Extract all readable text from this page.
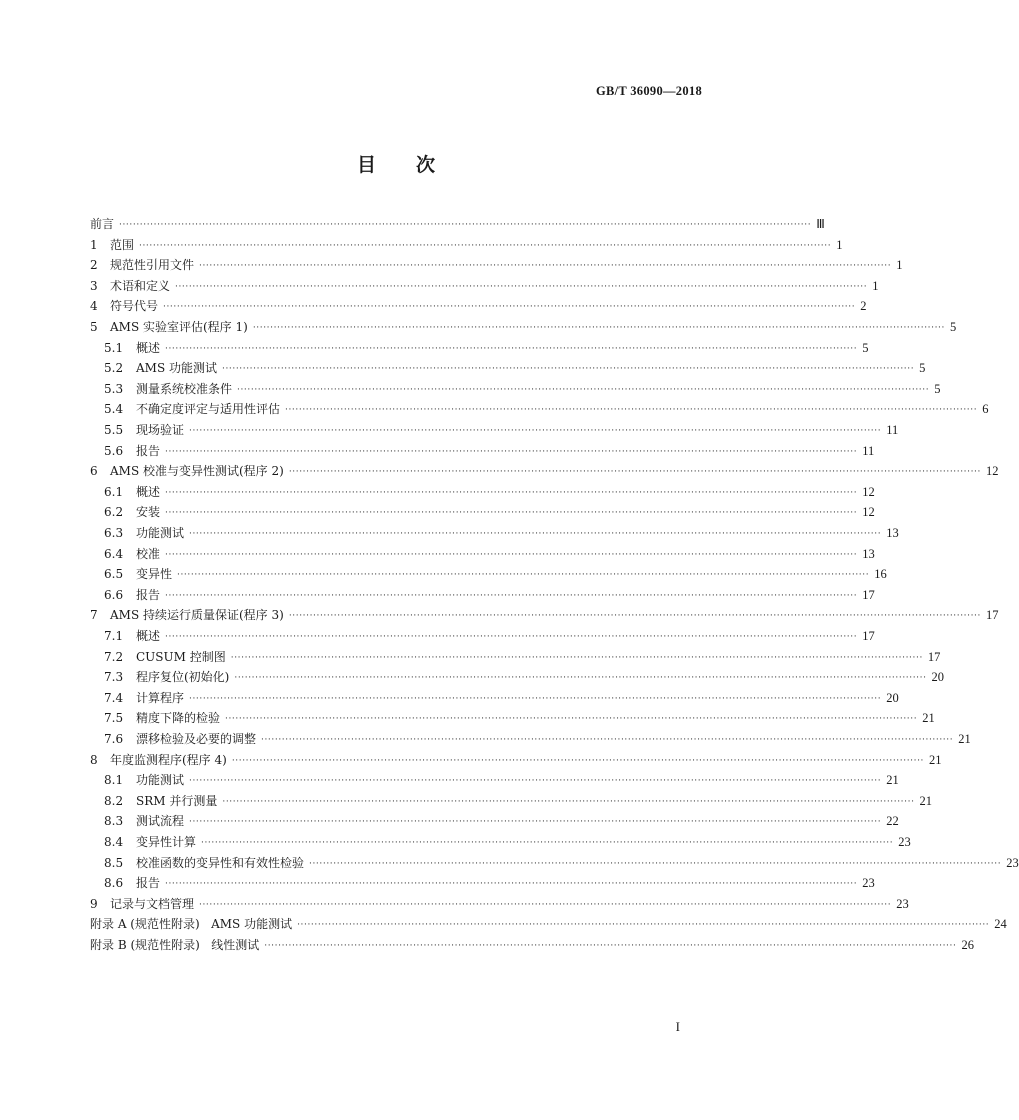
GB/T 36090—2018
目 次
前言 ········································································································································································································ Ⅲ
1	范围 ········································································································································································································ 1
2	规范性引用文件 ········································································································································································································ 1
3	术语和定义 ········································································································································································································ 1
4	符号代号 ········································································································································································································ 2
5	AMS 实验室评估(程序 1) ········································································································································································································ 5
5.1	概述 ········································································································································································································ 5
5.2	AMS 功能测试 ········································································································································································································ 5
5.3	测量系统校准条件 ········································································································································································································ 5
5.4	不确定度评定与适用性评估 ········································································································································································································ 6
5.5	现场验证 ········································································································································································································ 11
5.6	报告 ········································································································································································································ 11
6	AMS 校准与变异性测试(程序 2) ········································································································································································································ 12
6.1	概述 ········································································································································································································ 12
6.2	安装 ········································································································································································································ 12
6.3	功能测试 ········································································································································································································ 13
6.4	校准 ········································································································································································································ 13
6.5	变异性 ········································································································································································································ 16
6.6	报告 ········································································································································································································ 17
7	AMS 持续运行质量保证(程序 3) ········································································································································································································ 17
7.1	概述 ········································································································································································································ 17
7.2	CUSUM 控制图 ········································································································································································································ 17
7.3	程序复位(初始化) ········································································································································································································ 20
7.4	计算程序 ········································································································································································································ 20
7.5	精度下降的检验 ········································································································································································································ 21
7.6	漂移检验及必要的调整 ········································································································································································································ 21
8	年度监测程序(程序 4) ········································································································································································································ 21
8.1	功能测试 ········································································································································································································ 21
8.2	SRM 并行测量 ········································································································································································································ 21
8.3	测试流程 ········································································································································································································ 22
8.4	变异性计算 ········································································································································································································ 23
8.5	校准函数的变异性和有效性检验 ········································································································································································································ 23
8.6	报告 ········································································································································································································ 23
9	记录与文档管理 ········································································································································································································ 23
附录 A (规范性附录)   AMS 功能测试 ········································································································································································································ 24
附录 B (规范性附录)   线性测试 ········································································································································································································ 26
I
